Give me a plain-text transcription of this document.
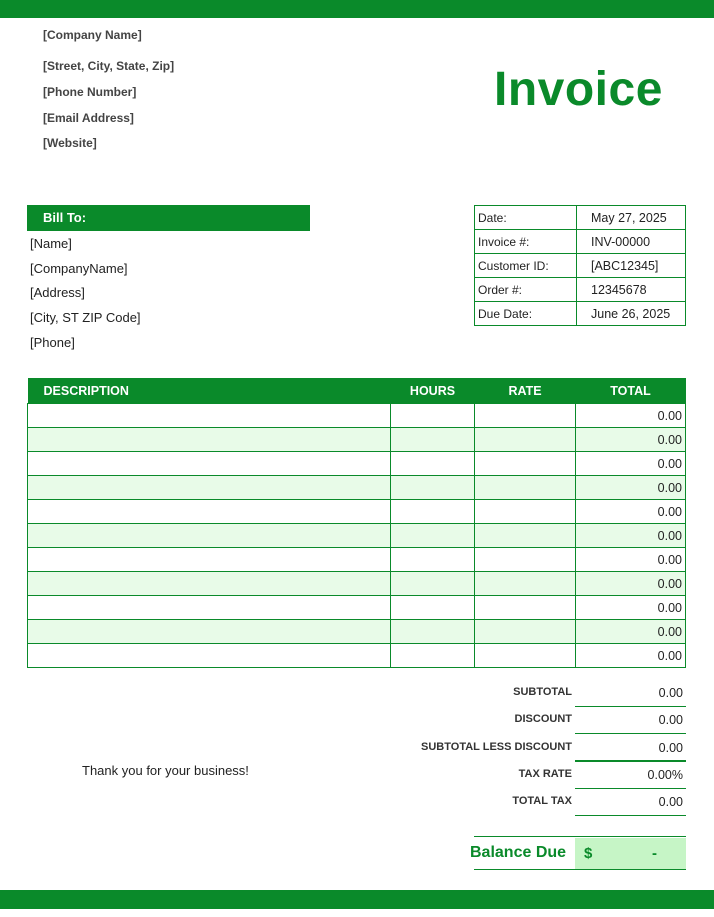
[Company Name]
[Street, City, State, Zip]
[Phone Number]
[Email Address]
[Website]
Invoice
Bill To:
[Name]
[CompanyName]
[Address]
[City, ST ZIP Code]
[Phone]
Date:	May 27, 2025
Invoice #:	INV-00000
Customer ID:	[ABC12345]
Order #:	12345678
Due Date:	June 26, 2025
DESCRIPTION	HOURS	RATE	TOTAL
			0.00
			0.00
			0.00
			0.00
			0.00
			0.00
			0.00
			0.00
			0.00
			0.00
			0.00
SUBTOTAL	0.00
DISCOUNT	0.00
SUBTOTAL LESS DISCOUNT	0.00
TAX RATE	0.00%
TOTAL TAX	0.00
Thank you for your business!
Balance Due $	-
